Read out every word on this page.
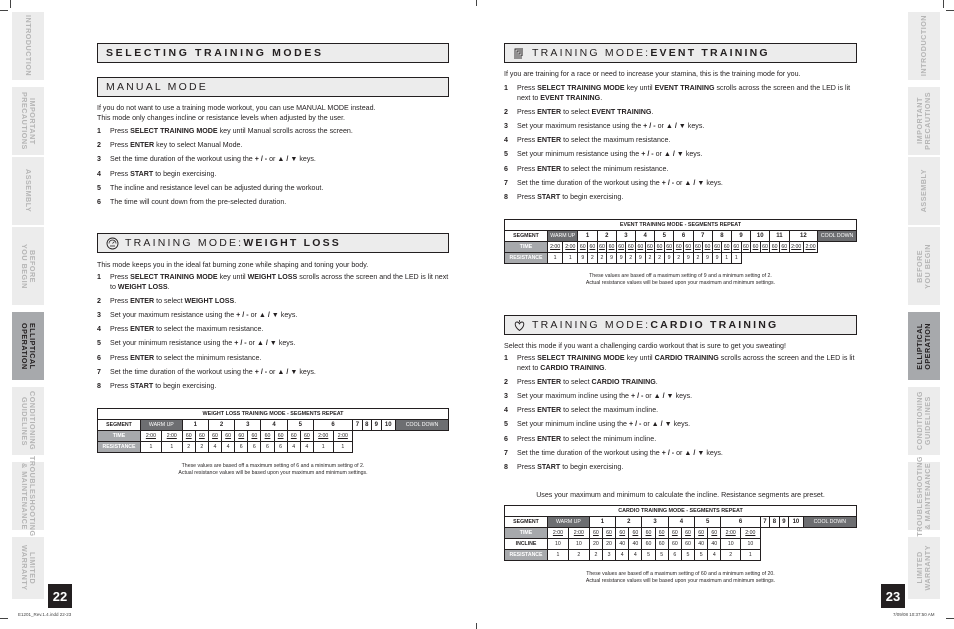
INTRODUCTION
IMPORTANT
PRECAUTIONS
ASSEMBLY
BEFORE
YOU BEGIN
ELLIPTICAL
OPERATION
CONDITIONING
GUIDELINES
TROUBLESHOOTING
& MAINTENANCE
LIMITED
WARRANTY
INTRODUCTION
IMPORTANT
PRECAUTIONS
ASSEMBLY
BEFORE
YOU BEGIN
ELLIPTICAL
OPERATION
CONDITIONING
GUIDELINES
TROUBLESHOOTING
& MAINTENANCE
LIMITED
WARRANTY
22	23
E1201_Rev.1.4.indd 22-23	7/09/08 10:37:50 AM
SELECTING TRAINING MODES
MANUAL MODE
If you do not want to use a training mode workout, you can use MANUAL MODE instead.
This mode only changes incline or resistance levels when adjusted by the user.
1	Press SELECT TRAINING MODE key until Manual scrolls across the screen.
2	Press ENTER key to select Manual Mode.
3	Set the time duration of the workout using the + / - or ▲ / ▼ keys.
4	Press START to begin exercising.
5	The incline and resistance level can be adjusted during the workout.
6	The time will count down from the pre-selected duration.
TRAINING MODE: WEIGHT LOSS
This mode keeps you in the ideal fat burning zone while shaping and toning your body.
1	Press SELECT TRAINING MODE key until WEIGHT LOSS scrolls across the screen and the LED is lit next to WEIGHT LOSS.
2	Press ENTER to select WEIGHT LOSS.
3	Set your maximum resistance using the + / - or ▲ / ▼ keys.
4	Press ENTER to select the maximum resistance.
5	Set your minimum resistance using the + / - or ▲ / ▼ keys.
6	Press ENTER to select the minimum resistance.
7	Set the time duration of the workout using the + / - or ▲ / ▼ keys.
8	Press START to begin exercising.
WEIGHT LOSS TRAINING MODE - SEGMENTS REPEAT																			
SEGMENT	WARM UP		1		2		3		4		5		6		7	8	9	10	COOL DOWN
TIME	2:00	2:00	60	60	60	60	60	60	60	60	60	60	2:00	2:00					
RESISTANCE	1	1	2	2	4	4	6	6	6	6	4	4	1	1					
These values are based off a maximum setting of 6 and a minimum setting of 2.
Actual resistance values will be based upon your maximum and minimum settings.
TRAINING MODE: EVENT TRAINING
If you are training for a race or need to increase your stamina, this is the training mode for you.
1	Press SELECT TRAINING MODE key until EVENT TRAINING scrolls across the screen and the LED is lit next to EVENT TRAINING.
2	Press ENTER to select EVENT TRAINING.
3	Set your maximum resistance using the + / - or ▲ / ▼ keys.
4	Press ENTER to select the maximum resistance.
5	Set your minimum resistance using the + / - or ▲ / ▼ keys.
6	Press ENTER to select the minimum resistance.
7	Set the time duration of the workout using the + / - or ▲ / ▼ keys.
8	Press START to begin exercising.
EVENT TRAINING MODE - SEGMENTS REPEAT																											
SEGMENT	WARM UP		1		2		3		4		5		6		7		8		9		10		11		12		COOL DOWN
TIME	2:00	2:00	60	60	60	60	60	60	60	60	60	60	60	60	60	60	60	60	60	60	60	60	60	60	2:00	2:00	
RESISTANCE	1	1	9	2	2	9	9	2	9	2	2	9	2	9	2	9	9	1	1								
These values are based off a maximum setting of 9 and a minimum setting of 2.
Actual resistance values will be based upon your maximum and minimum settings.
TRAINING MODE: CARDIO TRAINING
Select this mode if you want a challenging cardio workout that is sure to get you sweating!
1	Press SELECT TRAINING MODE key until CARDIO TRAINING scrolls across the screen and the LED is lit next to CARDIO TRAINING.
2	Press ENTER to select CARDIO TRAINING.
3	Set your maximum incline using the + / - or ▲ / ▼ keys.
4	Press ENTER to select the maximum incline.
5	Set your minimum incline using the + / - or ▲ / ▼ keys.
6	Press ENTER to select the minimum incline.
7	Set the time duration of the workout using the + / - or ▲ / ▼ keys.
8	Press START to begin exercising.
Uses your maximum and minimum to calculate the incline. Resistance segments are preset.
CARDIO TRAINING MODE - SEGMENTS REPEAT																			
SEGMENT	WARM UP		1		2		3		4		5		6		7	8	9	10	COOL DOWN
TIME	2:00	2:00	60	60	60	60	60	60	60	60	60	60	2:00	2:00					
INCLINE	10	10	20	20	40	40	60	60	60	60	40	40	10	10					
RESISTANCE	1	2	2	3	4	4	5	5	6	5	5	4	2	1					
These values are based off a maximum setting of 60 and a minimum setting of 20.
Actual resistance values will be based upon your maximum and minimum settings.
